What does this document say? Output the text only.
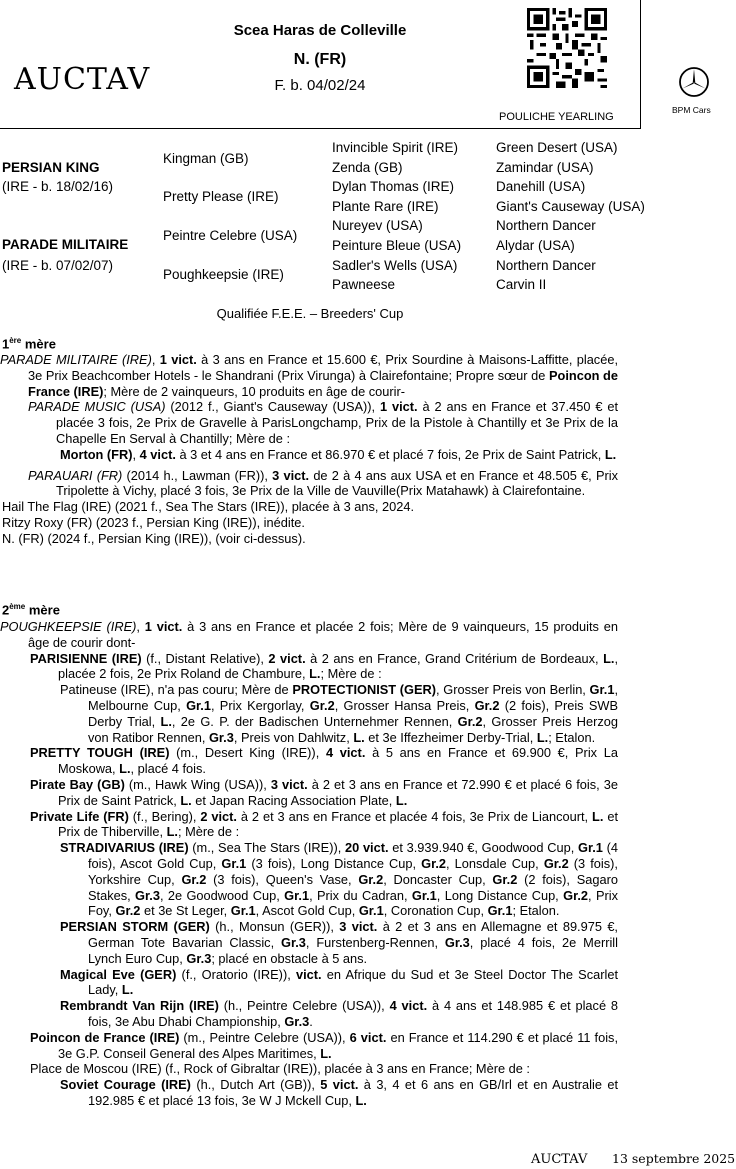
Scea Haras de Colleville
N. (FR)
F. b. 04/02/24
AUCTAV
POULICHE YEARLING
BPM Cars
PERSIAN KING
(IRE - b. 18/02/16)
PARADE MILITAIRE
(IRE - b. 07/02/07)
Kingman (GB)
Pretty Please (IRE)
Peintre Celebre (USA)
Poughkeepsie (IRE)
Invincible Spirit (IRE)
Zenda (GB)
Dylan Thomas (IRE)
Plante Rare (IRE)
Nureyev (USA)
Peinture Bleue (USA)
Sadler's Wells (USA)
Pawneese
Green Desert (USA)
Zamindar (USA)
Danehill (USA)
Giant's Causeway (USA)
Northern Dancer
Alydar (USA)
Northern Dancer
Carvin II
Qualifiée F.E.E. – Breeders' Cup
1ère mère
PARADE MILITAIRE (IRE), 1 vict. à 3 ans en France et 15.600 €, Prix Sourdine à Maisons-Laffitte, placée, 3e Prix Beachcomber Hotels - le Shandrani (Prix Virunga) à Clairefontaine; Propre sœur de Poincon de France (IRE); Mère de 2 vainqueurs, 10 produits en âge de courir-
PARADE MUSIC (USA) (2012 f., Giant's Causeway (USA)), 1 vict. à 2 ans en France et 37.450 € et placée 3 fois, 2e Prix de Gravelle à ParisLongchamp, Prix de la Pistole à Chantilly et 3e Prix de la Chapelle En Serval à Chantilly; Mère de :
Morton (FR), 4 vict. à 3 et 4 ans en France et 86.970 € et placé 7 fois, 2e Prix de Saint Patrick, L.
PARAUARI (FR) (2014 h., Lawman (FR)), 3 vict. de 2 à 4 ans aux USA et en France et 48.505 €, Prix Tripolette à Vichy, placé 3 fois, 3e Prix de la Ville de Vauville(Prix Matahawk) à Clairefontaine.
Hail The Flag (IRE) (2021 f., Sea The Stars (IRE)), placée à 3 ans, 2024.
Ritzy Roxy (FR) (2023 f., Persian King (IRE)), inédite.
N. (FR) (2024 f., Persian King (IRE)), (voir ci-dessus).
2ème mère
POUGHKEEPSIE (IRE), 1 vict. à 3 ans en France et placée 2 fois; Mère de 9 vainqueurs, 15 produits en âge de courir dont-
PARISIENNE (IRE) (f., Distant Relative), 2 vict. à 2 ans en France, Grand Critérium de Bordeaux, L., placée 2 fois, 2e Prix Roland de Chambure, L.; Mère de :
Patineuse (IRE), n'a pas couru; Mère de PROTECTIONIST (GER), Grosser Preis von Berlin, Gr.1, Melbourne Cup, Gr.1, Prix Kergorlay, Gr.2, Grosser Hansa Preis, Gr.2 (2 fois), Preis SWB Derby Trial, L., 2e G. P. der Badischen Unternehmer Rennen, Gr.2, Grosser Preis Herzog von Ratibor Rennen, Gr.3, Preis von Dahlwitz, L. et 3e Iffezheimer Derby-Trial, L.; Etalon.
PRETTY TOUGH (IRE) (m., Desert King (IRE)), 4 vict. à 5 ans en France et 69.900 €, Prix La Moskowa, L., placé 4 fois.
Pirate Bay (GB) (m., Hawk Wing (USA)), 3 vict. à 2 et 3 ans en France et 72.990 € et placé 6 fois, 3e Prix de Saint Patrick, L. et Japan Racing Association Plate, L.
Private Life (FR) (f., Bering), 2 vict. à 2 et 3 ans en France et placée 4 fois, 3e Prix de Liancourt, L. et Prix de Thiberville, L.; Mère de :
STRADIVARIUS (IRE) (m., Sea The Stars (IRE)), 20 vict. et 3.939.940 €, Goodwood Cup, Gr.1 (4 fois), Ascot Gold Cup, Gr.1 (3 fois), Long Distance Cup, Gr.2, Lonsdale Cup, Gr.2 (3 fois), Yorkshire Cup, Gr.2 (3 fois), Queen's Vase, Gr.2, Doncaster Cup, Gr.2 (2 fois), Sagaro Stakes, Gr.3, 2e Goodwood Cup, Gr.1, Prix du Cadran, Gr.1, Long Distance Cup, Gr.2, Prix Foy, Gr.2 et 3e St Leger, Gr.1, Ascot Gold Cup, Gr.1, Coronation Cup, Gr.1; Etalon.
PERSIAN STORM (GER) (h., Monsun (GER)), 3 vict. à 2 et 3 ans en Allemagne et 89.975 €, German Tote Bavarian Classic, Gr.3, Furstenberg-Rennen, Gr.3, placé 4 fois, 2e Merrill Lynch Euro Cup, Gr.3; placé en obstacle à 5 ans.
Magical Eve (GER) (f., Oratorio (IRE)), vict. en Afrique du Sud et 3e Steel Doctor The Scarlet Lady, L.
Rembrandt Van Rijn (IRE) (h., Peintre Celebre (USA)), 4 vict. à 4 ans et 148.985 € et placé 8 fois, 3e Abu Dhabi Championship, Gr.3.
Poincon de France (IRE) (m., Peintre Celebre (USA)), 6 vict. en France et 114.290 € et placé 11 fois, 3e G.P. Conseil General des Alpes Maritimes, L.
Place de Moscou (IRE) (f., Rock of Gibraltar (IRE)), placée à 3 ans en France; Mère de :
Soviet Courage (IRE) (h., Dutch Art (GB)), 5 vict. à 3, 4 et 6 ans en GB/Irl et en Australie et 192.985 € et placé 13 fois, 3e W J Mckell Cup, L.
AUCTAV 13 septembre 2025
